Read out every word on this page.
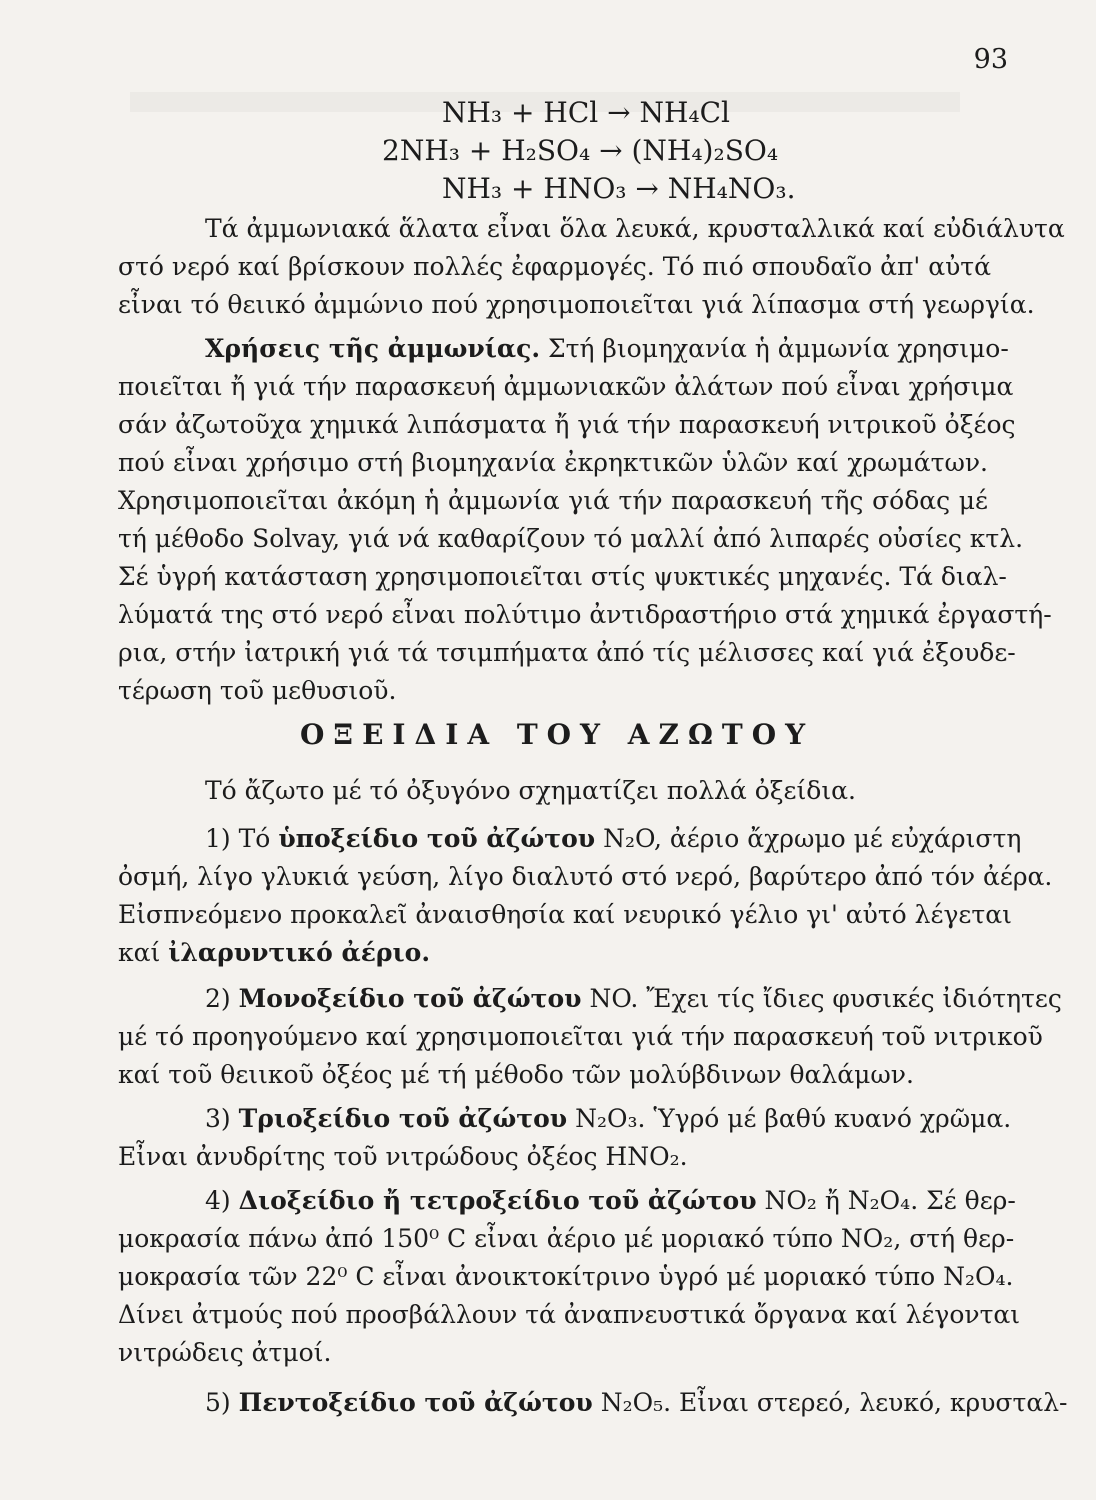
93
NH₃ + HCl → NH₄Cl
2NH₃ + H₂SO₄ → (NH₄)₂SO₄
NH₃ + HNO₃ → NH₄NO₃.
Τά ἀμμωνιακά ἅλατα εἶναι ὅλα λευκά, κρυσταλλικά καί εὐδιάλυτα
στό νερό καί βρίσκουν πολλές ἐφαρμογές. Τό πιό σπουδαῖο ἀπ' αὐτά
εἶναι τό θειικό ἀμμώνιο πού χρησιμοποιεῖται γιά λίπασμα στή γεωργία.
Χρήσεις τῆς ἀμμωνίας. Στή βιομηχανία ἡ ἀμμωνία χρησιμο-
ποιεῖται ἤ γιά τήν παρασκευή ἀμμωνιακῶν ἀλάτων πού εἶναι χρήσιμα
σάν ἀζωτοῦχα χημικά λιπάσματα ἤ γιά τήν παρασκευή νιτρικοῦ ὀξέος
πού εἶναι χρήσιμο στή βιομηχανία ἐκρηκτικῶν ὑλῶν καί χρωμάτων.
Χρησιμοποιεῖται ἀκόμη ἡ ἀμμωνία γιά τήν παρασκευή τῆς σόδας μέ
τή μέθοδο Solvay, γιά νά καθαρίζουν τό μαλλί ἀπό λιπαρές οὐσίες κτλ.
Σέ ὑγρή κατάσταση χρησιμοποιεῖται στίς ψυκτικές μηχανές. Τά διαλ-
λύματά της στό νερό εἶναι πολύτιμο ἀντιδραστήριο στά χημικά ἐργαστή-
ρια, στήν ἰατρική γιά τά τσιμπήματα ἀπό τίς μέλισσες καί γιά ἐξουδε-
τέρωση τοῦ μεθυσιοῦ.
ΟΞΕΙΔΙΑ ΤΟΥ ΑΖΩΤΟΥ
Τό ἄζωτο μέ τό ὀξυγόνο σχηματίζει πολλά ὀξείδια.
1) Τό ὑποξείδιο τοῦ ἀζώτου N₂O, ἀέριο ἄχρωμο μέ εὐχάριστη
ὀσμή, λίγο γλυκιά γεύση, λίγο διαλυτό στό νερό, βαρύτερο ἀπό τόν ἀέρα.
Εἰσπνεόμενο προκαλεῖ ἀναισθησία καί νευρικό γέλιο γι' αὐτό λέγεται
καί ἰλαρυντικό ἀέριο.
2) Μονοξείδιο τοῦ ἀζώτου NO. Ἔχει τίς ἴδιες φυσικές ἰδιότητες
μέ τό προηγούμενο καί χρησιμοποιεῖται γιά τήν παρασκευή τοῦ νιτρικοῦ
καί τοῦ θειικοῦ ὀξέος μέ τή μέθοδο τῶν μολύβδινων θαλάμων.
3) Τριοξείδιο τοῦ ἀζώτου N₂O₃. Ὑγρό μέ βαθύ κυανό χρῶμα.
Εἶναι ἀνυδρίτης τοῦ νιτρώδους ὀξέος HNO₂.
4) Διοξείδιο ἤ τετροξείδιο τοῦ ἀζώτου NO₂ ἤ N₂O₄. Σέ θερ-
μοκρασία πάνω ἀπό 150⁰ C εἶναι ἀέριο μέ μοριακό τύπο NO₂, στή θερ-
μοκρασία τῶν 22⁰ C εἶναι ἀνοικτοκίτρινο ὑγρό μέ μοριακό τύπο N₂O₄.
Δίνει ἀτμούς πού προσβάλλουν τά ἀναπνευστικά ὄργανα καί λέγονται
νιτρώδεις ἀτμοί.
5) Πεντοξείδιο τοῦ ἀζώτου N₂O₅. Εἶναι στερεό, λευκό, κρυσταλ-
